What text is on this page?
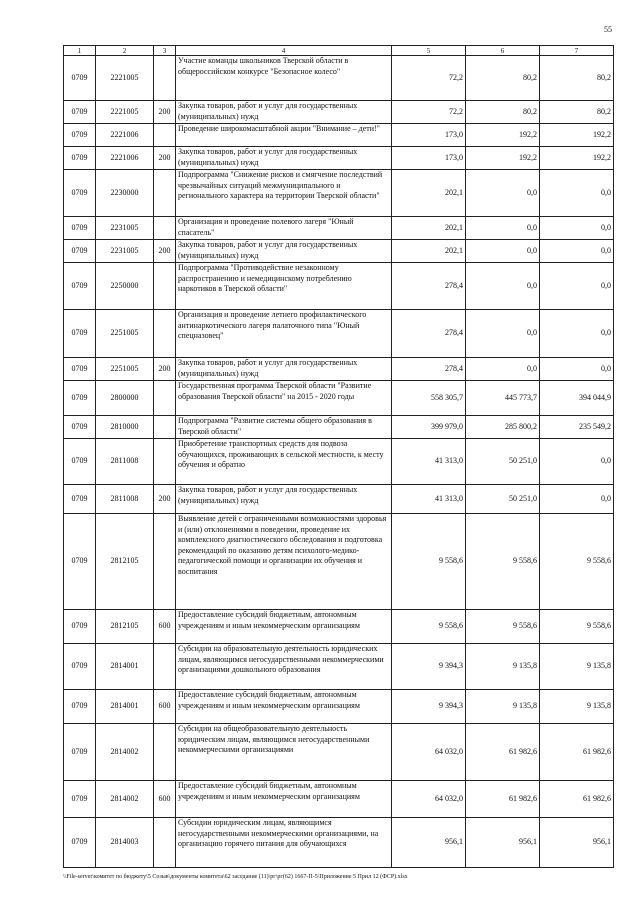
55
1	2	3	4	5	6	7
0709	2221005		Участие команды школьников Тверской области в общероссийском конкурсе "Безопасное колесо"	72,2	80,2	80,2
0709	2221005	200	Закупка товаров, работ и услуг для государственных (муниципальных) нужд	72,2	80,2	80,2
0709	2221006		Проведение широкомасштабной акции "Внимание – дети!"	173,0	192,2	192,2
0709	2221006	200	Закупка товаров, работ и услуг для государственных (муниципальных) нужд	173,0	192,2	192,2
0709	2230000		Подпрограмма "Снижение рисков и смягчение последствий чрезвычайных ситуаций межмуниципального и регионального характера на территории Тверской области"	202,1	0,0	0,0
0709	2231005		Организация и проведение полевого лагеря "Юный спасатель"	202,1	0,0	0,0
0709	2231005	200	Закупка товаров, работ и услуг для государственных (муниципальных) нужд	202,1	0,0	0,0
0709	2250000		Подпрограмма "Противодействие незаконному распространению и немедицинскому потреблению наркотиков в Тверской области"	278,4	0,0	0,0
0709	2251005		Организация и проведение летнего профилактического антинаркотического лагеря палаточного типа "Юный спецназовец"	278,4	0,0	0,0
0709	2251005	200	Закупка товаров, работ и услуг для государственных (муниципальных) нужд	278,4	0,0	0,0
0709	2800000		Государственная программа Тверской области "Развитие образования Тверской области" на 2015 - 2020 годы	558 305,7	445 773,7	394 044,9
0709	2810000		Подпрограмма "Развитие системы общего образования в Тверской области"	399 979,0	285 800,2	235 549,2
0709	2811008		Приобретение транспортных средств для подвоза обучающихся, проживающих в сельской местности, к месту обучения и обратно	41 313,0	50 251,0	0,0
0709	2811008	200	Закупка товаров, работ и услуг для государственных (муниципальных) нужд	41 313,0	50 251,0	0,0
0709	2812105		Выявление детей с ограниченными возможностями здоровья и (или) отклонениями в поведении, проведение их комплексного диагностического обследования и подготовка рекомендаций по оказанию детям психолого-медико-педагогической помощи и организации их обучения и воспитания	9 558,6	9 558,6	9 558,6
0709	2812105	600	Предоставление субсидий бюджетным, автономным учреждениям и иным некоммерческим организациям	9 558,6	9 558,6	9 558,6
0709	2814001		Субсидии на образовательную деятельность юридических лицам, являющимся негосударственными некоммерческими организациями дошкольного образования	9 394,3	9 135,8	9 135,8
0709	2814001	600	Предоставление субсидий бюджетным, автономным учреждениям и иным некоммерческим организациям	9 394,3	9 135,8	9 135,8
0709	2814002		Субсидии на общеобразовательную деятельность юридическим лицам, являющимся негосударственными некоммерческими организациями	64 032,0	61 982,6	61 982,6
0709	2814002	600	Предоставление субсидий бюджетным, автономным учреждениям и иным некоммерческим организациям	64 032,0	61 982,6	61 982,6
0709	2814003		Субсидии юридическим лицам, являющимся негосударственными некоммерческими организациями, на организацию горячего питания для обучающихся	956,1	956,1	956,1
\\File-server\комитет по бюджету\5 Созыв\документы комитета\62 заседание (11)\рг\рг(62) 1667-П-5\Приложение 5 Прил 12 (ФСР).xlsx
